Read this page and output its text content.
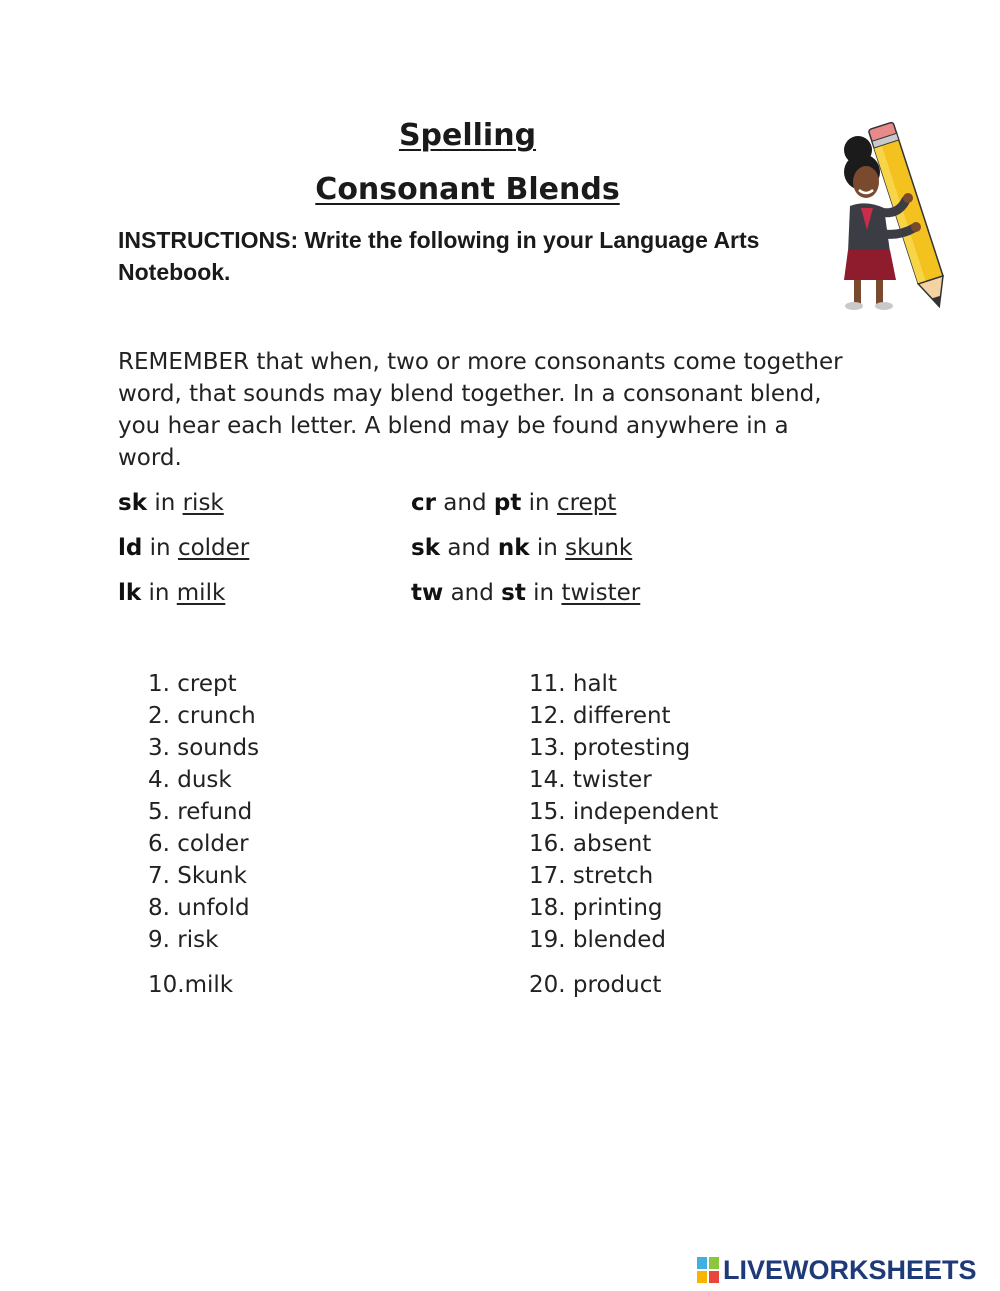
Spelling
Consonant Blends
INSTRUCTIONS: Write the following in your Language Arts Notebook.
REMEMBER that when, two or more consonants come together word, that sounds may blend together. In a consonant blend, you hear each letter. A blend may be found anywhere in a word.
sk in risk
ld in colder
lk in milk
cr and pt in crept
sk and nk in skunk
tw and st in twister
1. crept
2. crunch
3. sounds
4. dusk
5. refund
6. colder
7. Skunk
8. unfold
9. risk
10.milk
11. halt
12. different
13. protesting
14. twister
15. independent
16. absent
17. stretch
18. printing
19. blended
20. product
LIVEWORKSHEETS
